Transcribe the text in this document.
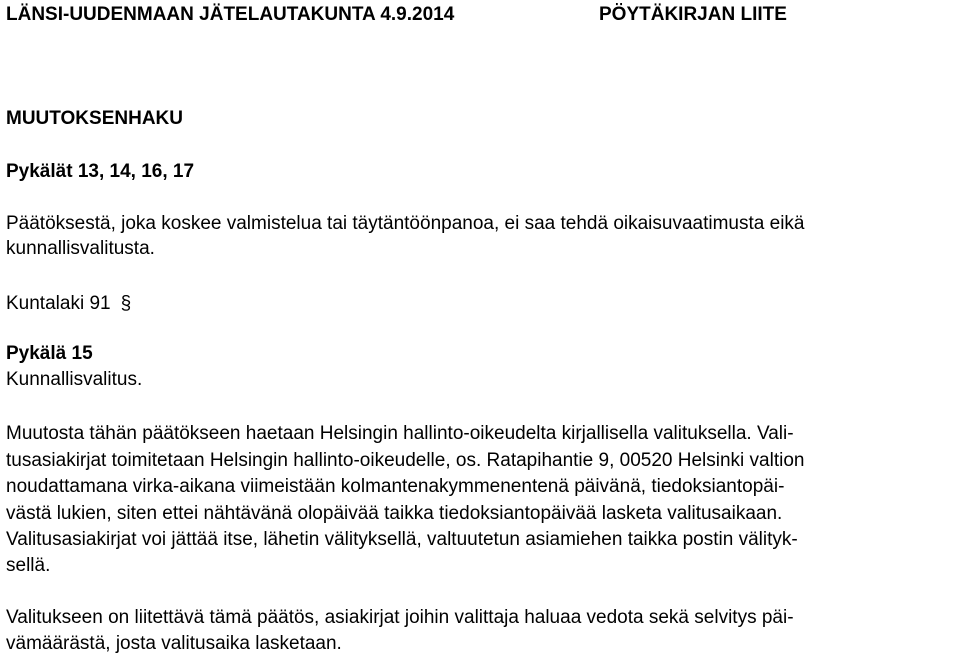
LÄNSI-UUDENMAAN JÄTELAUTAKUNTA 4.9.2014	PÖYTÄKIRJAN LIITE
MUUTOKSENHAKU
Pykälät 13, 14, 16, 17
Päätöksestä, joka koskee valmistelua tai täytäntöönpanoa, ei saa tehdä oikaisuvaatimusta eikä
kunnallisvalitusta.
Kuntalaki 91 §
Pykälä 15
Kunnallisvalitus.
Muutosta tähän päätökseen haetaan Helsingin hallinto-oikeudelta kirjallisella valituksella. Vali-
tusasiakirjat toimitetaan Helsingin hallinto-oikeudelle, os. Ratapihantie 9, 00520 Helsinki valtion
noudattamana virka-aikana viimeistään kolmantenakymmenentenä päivänä, tiedoksiantopäi-
västä lukien, siten ettei nähtävänä olopäivää taikka tiedoksiantopäivää lasketa valitusaikaan.
Valitusasiakirjat voi jättää itse, lähetin välityksellä, valtuutetun asiamiehen taikka postin välityk-
sellä.
Valitukseen on liitettävä tämä päätös, asiakirjat joihin valittaja haluaa vedota sekä selvitys päi-
vämäärästä, josta valitusaika lasketaan.
